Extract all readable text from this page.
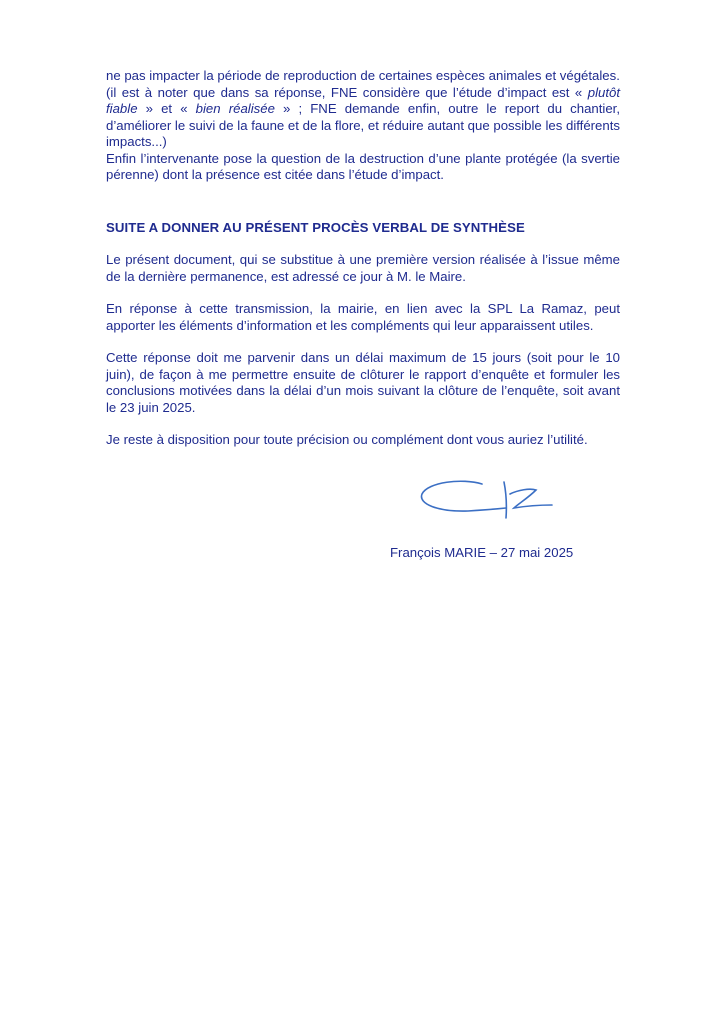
ne pas impacter la période de reproduction de certaines espèces animales et végétales.

(il est à noter que dans sa réponse, FNE considère que l’étude d’impact est « plutôt fiable » et « bien réalisée » ; FNE demande enfin, outre le report du chantier, d’améliorer le suivi de la faune et de la flore, et réduire autant que possible les différents impacts...)

Enfin l’intervenante pose la question de la destruction d’une plante protégée (la svertie pérenne) dont la présence est citée dans l’étude d’impact.

SUITE A DONNER AU PRÉSENT PROCÈS VERBAL DE SYNTHÈSE

Le présent document, qui se substitue à une première version réalisée à l’issue même de la dernière permanence, est adressé ce jour à M. le Maire.

En réponse à cette transmission, la mairie, en lien avec la SPL La Ramaz, peut apporter les éléments d’information et les compléments qui leur apparaissent utiles.

Cette réponse doit me parvenir dans un délai maximum de 15 jours (soit pour le 10 juin), de façon à me permettre ensuite de clôturer le rapport d’enquête et formuler les conclusions motivées dans la délai d’un mois suivant la clôture de l’enquête, soit avant le 23 juin 2025.

Je reste à disposition pour toute précision ou complément dont vous auriez l’utilité.

François MARIE – 27 mai 2025
